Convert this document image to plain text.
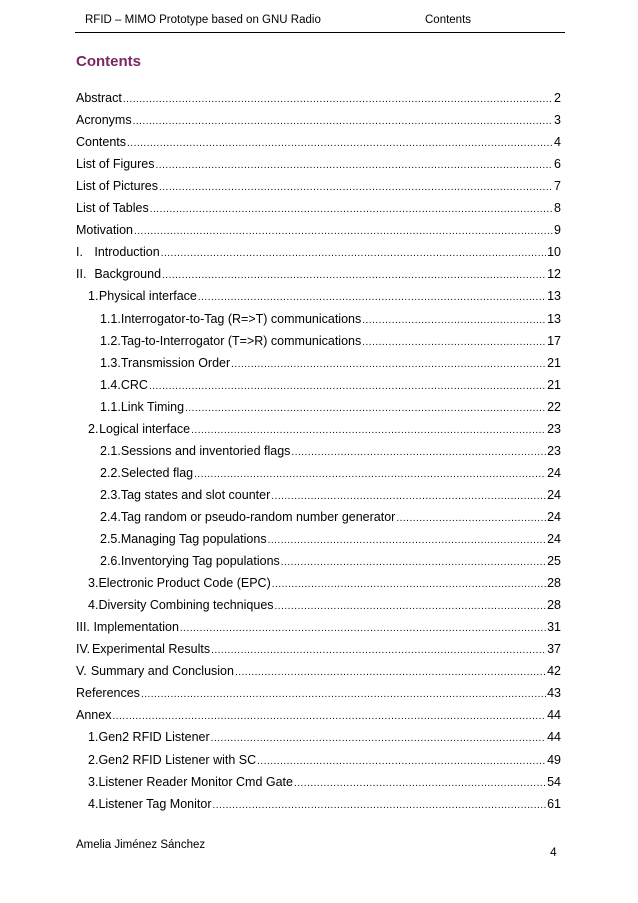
RFID – MIMO Prototype based on GNU Radio	Contents
Contents
Abstract .....	2
Acronyms .....	3
Contents .....	4
List of Figures .....	6
List of Pictures .....	7
List of Tables .....	8
Motivation .....	9
I. Introduction .....	10
II. Background .....	12
1. Physical interface .....	13
1.1. Interrogator-to-Tag (R=>T) communications .....	13
1.2. Tag-to-Interrogator (T=>R) communications .....	17
1.3. Transmission Order .....	21
1.4. CRC .....	21
1.1. Link Timing .....	22
2. Logical interface .....	23
2.1. Sessions and inventoried flags .....	23
2.2. Selected flag .....	24
2.3. Tag states and slot counter .....	24
2.4. Tag random or pseudo-random number generator .....	24
2.5. Managing Tag populations .....	24
2.6. Inventorying Tag populations .....	25
3. Electronic Product Code (EPC) .....	28
4. Diversity Combining techniques .....	28
III. Implementation .....	31
IV. Experimental Results .....	37
V. Summary and Conclusion .....	42
References .....	43
Annex .....	44
1. Gen2 RFID Listener .....	44
2. Gen2 RFID Listener with SC .....	49
3. Listener Reader Monitor Cmd Gate .....	54
4. Listener Tag Monitor .....	61
Amelia Jiménez Sánchez	4
